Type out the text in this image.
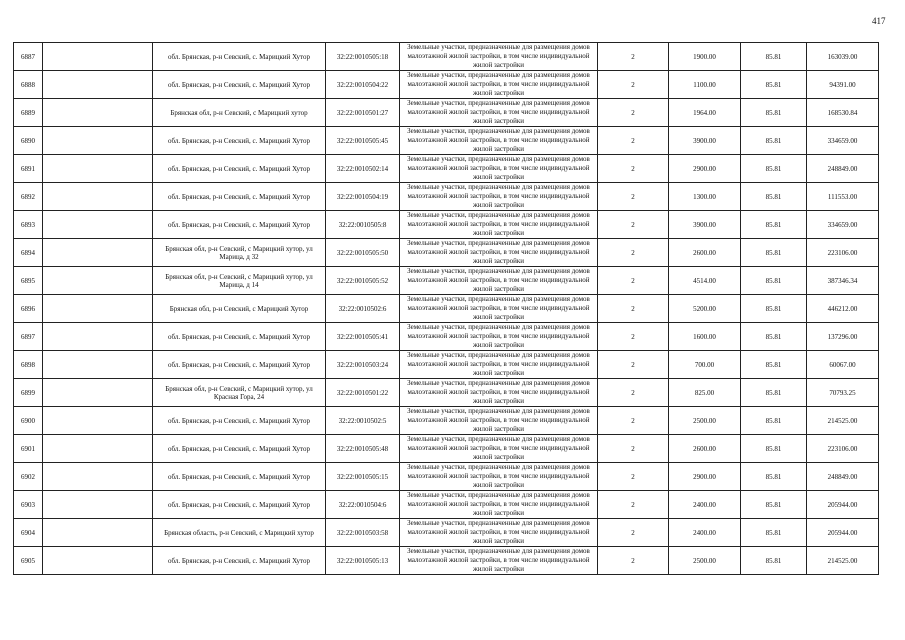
417
6887		обл. Брянская, р-н Севский, с. Марицкий Хутор	32:22:0010505:18	Земельные участки, предназначенные для размещения домов малоэтажной жилой застройки, в том числе индивидуальной жилой застройки	2	1900.00	85.81	163039.00
6888		обл. Брянская, р-н Севский, с. Марицкий Хутор	32:22:0010504:22	Земельные участки, предназначенные для размещения домов малоэтажной жилой застройки, в том числе индивидуальной жилой застройки	2	1100.00	85.81	94391.00
6889		Брянская обл, р-н Севский, с Марицкий хутор	32:22:0010501:27	Земельные участки, предназначенные для размещения домов малоэтажной жилой застройки, в том числе индивидуальной жилой застройки	2	1964.00	85.81	168530.84
6890		обл. Брянская, р-н Севский, с. Марицкий Хутор	32:22:0010505:45	Земельные участки, предназначенные для размещения домов малоэтажной жилой застройки, в том числе индивидуальной жилой застройки	2	3900.00	85.81	334659.00
6891		обл. Брянская, р-н Севский, с. Марицкий Хутор	32:22:0010502:14	Земельные участки, предназначенные для размещения домов малоэтажной жилой застройки, в том числе индивидуальной жилой застройки	2	2900.00	85.81	248849.00
6892		обл. Брянская, р-н Севский, с. Марицкий Хутор	32:22:0010504:19	Земельные участки, предназначенные для размещения домов малоэтажной жилой застройки, в том числе индивидуальной жилой застройки	2	1300.00	85.81	111553.00
6893		обл. Брянская, р-н Севский, с. Марицкий Хутор	32:22:0010505:8	Земельные участки, предназначенные для размещения домов малоэтажной жилой застройки, в том числе индивидуальной жилой застройки	2	3900.00	85.81	334659.00
6894		Брянская обл, р-н Севский, с Марицкий хутор, ул Марица, д 32	32:22:0010505:50	Земельные участки, предназначенные для размещения домов малоэтажной жилой застройки, в том числе индивидуальной жилой застройки	2	2600.00	85.81	223106.00
6895		Брянская обл, р-н Севский, с Марицкий хутор, ул Марица, д 14	32:22:0010505:52	Земельные участки, предназначенные для размещения домов малоэтажной жилой застройки, в том числе индивидуальной жилой застройки	2	4514.00	85.81	387346.34
6896		Брянская обл, р-н Севский, с Марицкий Хутор	32:22:0010502:6	Земельные участки, предназначенные для размещения домов малоэтажной жилой застройки, в том числе индивидуальной жилой застройки	2	5200.00	85.81	446212.00
6897		обл. Брянская, р-н Севский, с. Марицкий Хутор	32:22:0010505:41	Земельные участки, предназначенные для размещения домов малоэтажной жилой застройки, в том числе индивидуальной жилой застройки	2	1600.00	85.81	137296.00
6898		обл. Брянская, р-н Севский, с. Марицкий Хутор	32:22:0010503:24	Земельные участки, предназначенные для размещения домов малоэтажной жилой застройки, в том числе индивидуальной жилой застройки	2	700.00	85.81	60067.00
6899		Брянская обл, р-н Севский, с Марицкий хутор, ул Красная Гора, 24	32:22:0010501:22	Земельные участки, предназначенные для размещения домов малоэтажной жилой застройки, в том числе индивидуальной жилой застройки	2	825.00	85.81	70793.25
6900		обл. Брянская, р-н Севский, с. Марицкий Хутор	32:22:0010502:5	Земельные участки, предназначенные для размещения домов малоэтажной жилой застройки, в том числе индивидуальной жилой застройки	2	2500.00	85.81	214525.00
6901		обл. Брянская, р-н Севский, с. Марицкий Хутор	32:22:0010505:48	Земельные участки, предназначенные для размещения домов малоэтажной жилой застройки, в том числе индивидуальной жилой застройки	2	2600.00	85.81	223106.00
6902		обл. Брянская, р-н Севский, с. Марицкий Хутор	32:22:0010505:15	Земельные участки, предназначенные для размещения домов малоэтажной жилой застройки, в том числе индивидуальной жилой застройки	2	2900.00	85.81	248849.00
6903		обл. Брянская, р-н Севский, с. Марицкий Хутор	32:22:0010504:6	Земельные участки, предназначенные для размещения домов малоэтажной жилой застройки, в том числе индивидуальной жилой застройки	2	2400.00	85.81	205944.00
6904		Брянская область, р-н Севский, с Марицкий хутор	32:22:0010503:58	Земельные участки, предназначенные для размещения домов малоэтажной жилой застройки, в том числе индивидуальной жилой застройки	2	2400.00	85.81	205944.00
6905		обл. Брянская, р-н Севский, с. Марицкий Хутор	32:22:0010505:13	Земельные участки, предназначенные для размещения домов малоэтажной жилой застройки, в том числе индивидуальной жилой застройки	2	2500.00	85.81	214525.00
